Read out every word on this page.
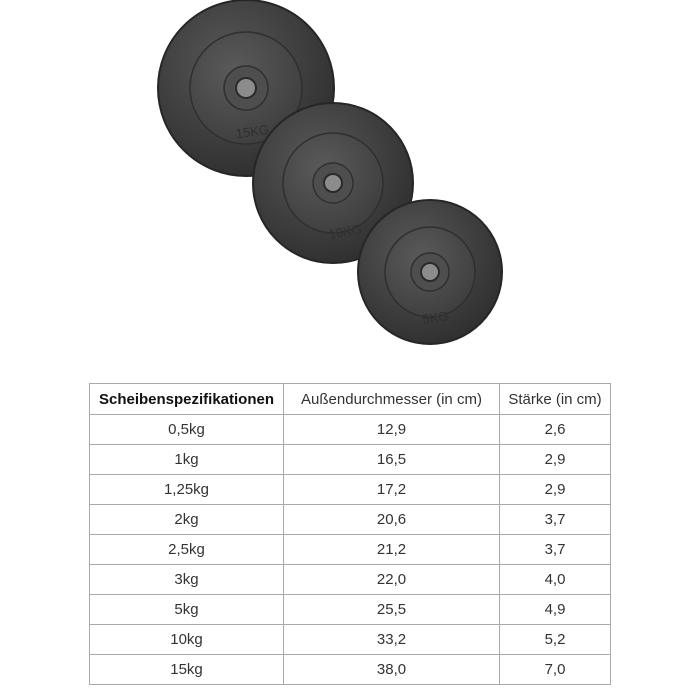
15KG
10KG
5KG
Scheibenspezifikationen	Außendurchmesser (in cm)	Stärke (in cm)
0,5kg	12,9	2,6
1kg	16,5	2,9
1,25kg	17,2	2,9
2kg	20,6	3,7
2,5kg	21,2	3,7
3kg	22,0	4,0
5kg	25,5	4,9
10kg	33,2	5,2
15kg	38,0	7,0
